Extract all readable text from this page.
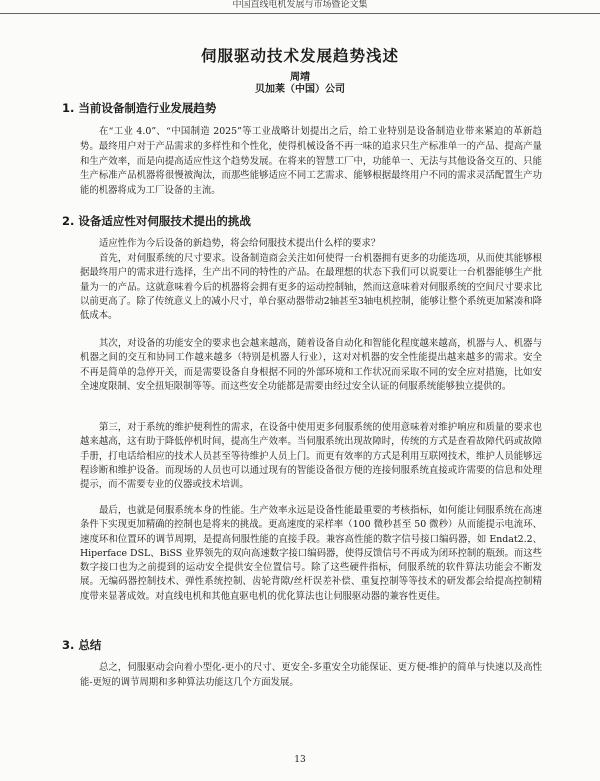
中国直线电机发展与市场暨论文集
伺服驱动技术发展趋势浅述
周靖
贝加莱（中国）公司
1. 当前设备制造行业发展趋势

在“工业 4.0”、“中国制造 2025”等工业战略计划提出之后，给工业特别是设备制造业带来紧迫的革新趋势。最终用户对于产品需求的多样性和个性化，使得机械设备不再一味的追求只生产标准单一的产品、提高产量和生产效率，而是向提高适应性这个趋势发展。在将来的智慧工厂中，功能单一、无法与其他设备交互的、只能生产标准产品机器将很慢被淘汰，而那些能够适应不同工艺需求、能够根据最终用户不同的需求灵活配置生产功能的机器将成为工厂设备的主流。

2. 设备适应性对伺服技术提出的挑战

适应性作为今后设备的新趋势，将会给伺服技术提出什么样的要求？

首先，对伺服系统的尺寸要求。设备制造商会关注如何使得一台机器拥有更多的功能选项，从而使其能够根据最终用户的需求进行选择，生产出不同的特性的产品。在最理想的状态下我们可以说要让一台机器能够生产批量为一的产品。这就意味着今后的机器将会拥有更多的运动控制轴，然而这意味着对伺服系统的空间尺寸要求比以前更高了。除了传统意义上的减小尺寸，单台驱动器带动2轴甚至3轴电机控制，能够让整个系统更加紧凑和降低成本。

其次，对设备的功能安全的要求也会越来越高，随着设备自动化和智能化程度越来越高，机器与人、机器与机器之间的交互和协同工作越来越多（特别是机器人行业），这对对机器的安全性能提出越来越多的需求。安全不再是简单的急停开关，而是需要设备自身根据不同的外部环境和工作状况而采取不同的安全应对措施，比如安全速度限制、安全扭矩限制等等。而这些安全功能都是需要由经过安全认证的伺服系统能够独立提供的。

第三，对于系统的维护便利性的需求，在设备中使用更多伺服系统的使用意味着对维护响应和质量的要求也越来越高，这有助于降低停机时间，提高生产效率。当伺服系统出现故障时，传统的方式是查看故障代码或故障手册，打电话给相应的技术人员甚至等待维护人员上门。而更有效率的方式是利用互联网技术，维护人员能够远程诊断和维护设备。而现场的人员也可以通过现有的智能设备很方便的连接伺服系统直接或许需要的信息和处理提示，而不需要专业的仪器或技术培训。

最后，也就是伺服系统本身的性能。生产效率永远是设备性能最重要的考核指标，如何能让伺服系统在高速条件下实现更加精确的控制也是将来的挑战。更高速度的采样率（100 微秒甚至 50 微秒）从而能提示电流环、速度环和位置环的调节周期，是提高伺服性能的直接手段。兼容高性能的数字信号接口编码器，如 Endat2.2、Hiperface DSL、BiSS 业界领先的双向高速数字接口编码器，使得反馈信号不再成为闭环控制的瓶颈。而这些数字接口也为之前提到的运动安全提供安全位置信号。除了这些硬件指标，伺服系统的软件算法功能会不断发展。无编码器控制技术、弹性系统控制、齿轮背隙/丝杆误差补偿、重复控制等等技术的研发都会给提高控制精度带来显著成效。对直线电机和其他直驱电机的优化算法也让伺服驱动器的兼容性更佳。

3. 总结

总之，伺服驱动会向着小型化-更小的尺寸、更安全-多重安全功能保证、更方便-维护的简单与快速以及高性能-更短的调节周期和多种算法功能这几个方面发展。

13
